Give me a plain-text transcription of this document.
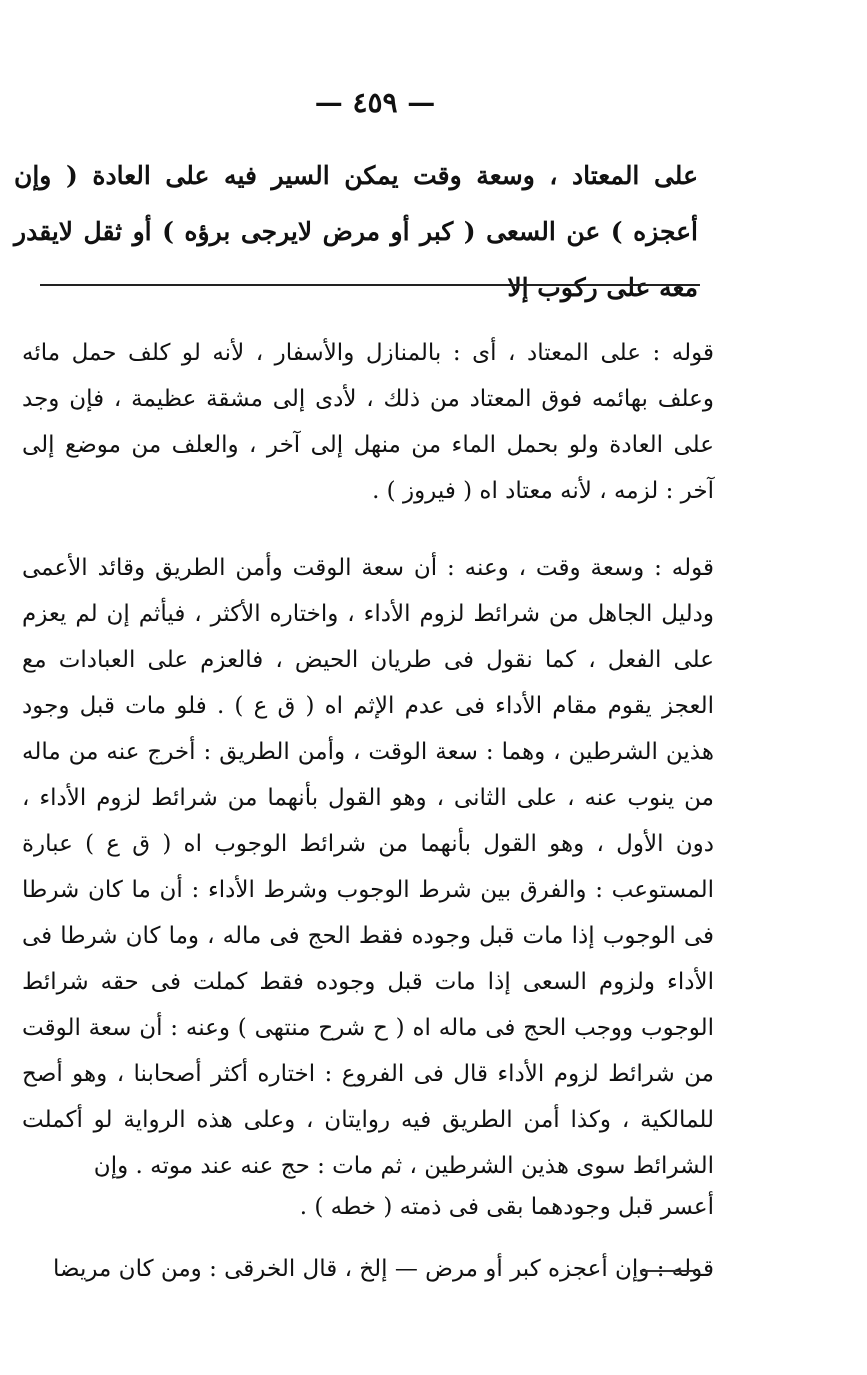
— ٤٥٩ —
على المعتاد ، وسعة وقت يمكن السير فيه على العادة ( وإن أعجزه ) عن السعى ( كبر أو مرض لايرجى برؤه ) أو ثقل لايقدر معه على ركوب إلا

قوله : على المعتاد ، أى : بالمنازل والأسفار ، لأنه لو كلف حمل مائه وعلف بهائمه فوق المعتاد من ذلك ، لأدى إلى مشقة عظيمة ، فإن وجد على العادة ولو بحمل الماء من منهل إلى آخر ، والعلف من موضع إلى آخر : لزمه ، لأنه معتاد اه ( فيروز ) .

قوله : وسعة وقت ، وعنه : أن سعة الوقت وأمن الطريق وقائد الأعمى ودليل الجاهل من شرائط لزوم الأداء ، واختاره الأكثر ، فيأثم إن لم يعزم على الفعل ، كما نقول فى طريان الحيض ، فالعزم على العبادات مع العجز يقوم مقام الأداء فى عدم الإثم اه ( ق ع ) . فلو مات قبل وجود هذين الشرطين ، وهما : سعة الوقت ، وأمن الطريق : أخرج عنه من ماله من ينوب عنه ، على الثانى ، وهو القول بأنهما من شرائط لزوم الأداء ، دون الأول ، وهو القول بأنهما من شرائط الوجوب اه ( ق ع ) عبارة المستوعب : والفرق بين شرط الوجوب وشرط الأداء : أن ما كان شرطا فى الوجوب إذا مات قبل وجوده فقط الحج فى ماله ، وما كان شرطا فى الأداء ولزوم السعى إذا مات قبل وجوده فقط كملت فى حقه شرائط الوجوب ووجب الحج فى ماله اه ( ح شرح منتهى ) وعنه : أن سعة الوقت من شرائط لزوم الأداء قال فى الفروع : اختاره أكثر أصحابنا ، وهو أصح للمالكية ، وكذا أمن الطريق فيه روايتان ، وعلى هذه الرواية لو أكملت الشرائط سوى هذين الشرطين ، ثم مات : حج عنه عند موته . وإن

أعسر قبل وجودهما بقى فى ذمته ( خطه ) .

قوله : وإن أعجزه كبر أو مرض — إلخ ، قال الخرقى : ومن كان مريضا
